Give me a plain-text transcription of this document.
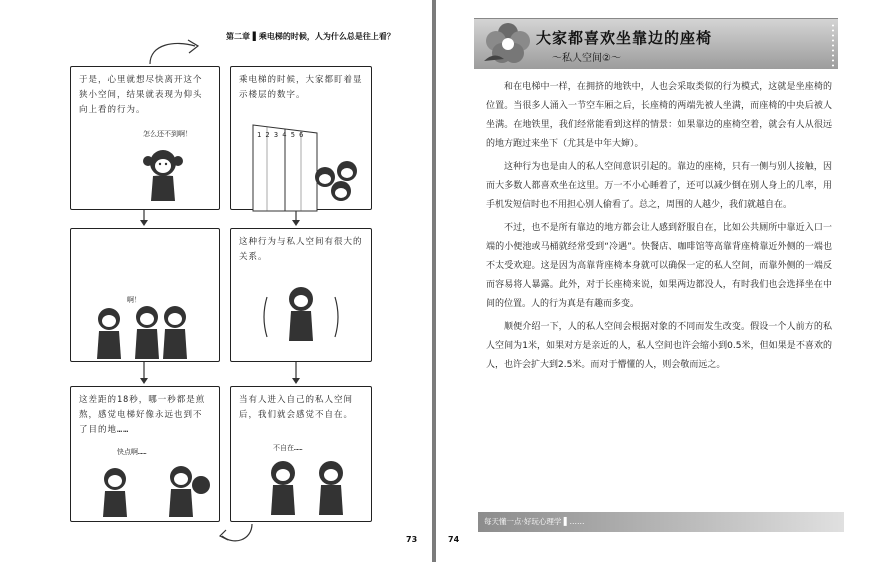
第二章 ▌乘电梯的时候，人为什么总是往上看？
于是，心里就想尽快离开这个狭小空间，结果就表现为仰头向上看的行为。
怎么还不到啊！
乘电梯的时候，大家都盯着显示楼层的数字。
1 2 3 4 5 6
啊！
这种行为与私人空间有很大的关系。
这差距的18秒，哪一秒都是煎熬，感觉电梯好像永远也到不了目的地……
快点啊……
当有人进入自己的私人空间后，我们就会感觉不自在。
不自在……
73
大家都喜欢坐靠边的座椅
～私人空间②～

和在电梯中一样，在拥挤的地铁中，人也会采取类似的行为模式，这就是坐座椅的位置。当很多人涌入一节空车厢之后，长座椅的两端先被人坐满，而座椅的中央后被人坐满。在地铁里，我们经常能看到这样的情景：如果靠边的座椅空着，就会有人从很远的地方跑过来坐下（尤其是中年大婶）。

这种行为也是由人的私人空间意识引起的。靠边的座椅，只有一侧与别人接触，因而大多数人都喜欢坐在这里。万一不小心睡着了，还可以减少倒在别人身上的几率，用手机发短信时也不用担心别人偷看了。总之，周围的人越少，我们就越自在。

不过，也不是所有靠边的地方都会让人感到舒服自在，比如公共厕所中靠近入口一端的小便池或马桶就经常受到“冷遇”。快餐店、咖啡馆等高靠背座椅靠近外侧的一端也不太受欢迎。这是因为高靠背座椅本身就可以确保一定的私人空间，而靠外侧的一端反而容易将人暴露。此外，对于长座椅来说，如果两边都没人，有时我们也会选择坐在中间的位置。人的行为真是有趣而多变。

顺便介绍一下，人的私人空间会根据对象的不同而发生改变。假设一个人前方的私人空间为1米，如果对方是亲近的人，私人空间也许会缩小到0.5米，但如果是不喜欢的人，也许会扩大到2.5米。而对于懵懂的人，则会敬而远之。

每天懂一点·好玩心理学 ▌……
74
